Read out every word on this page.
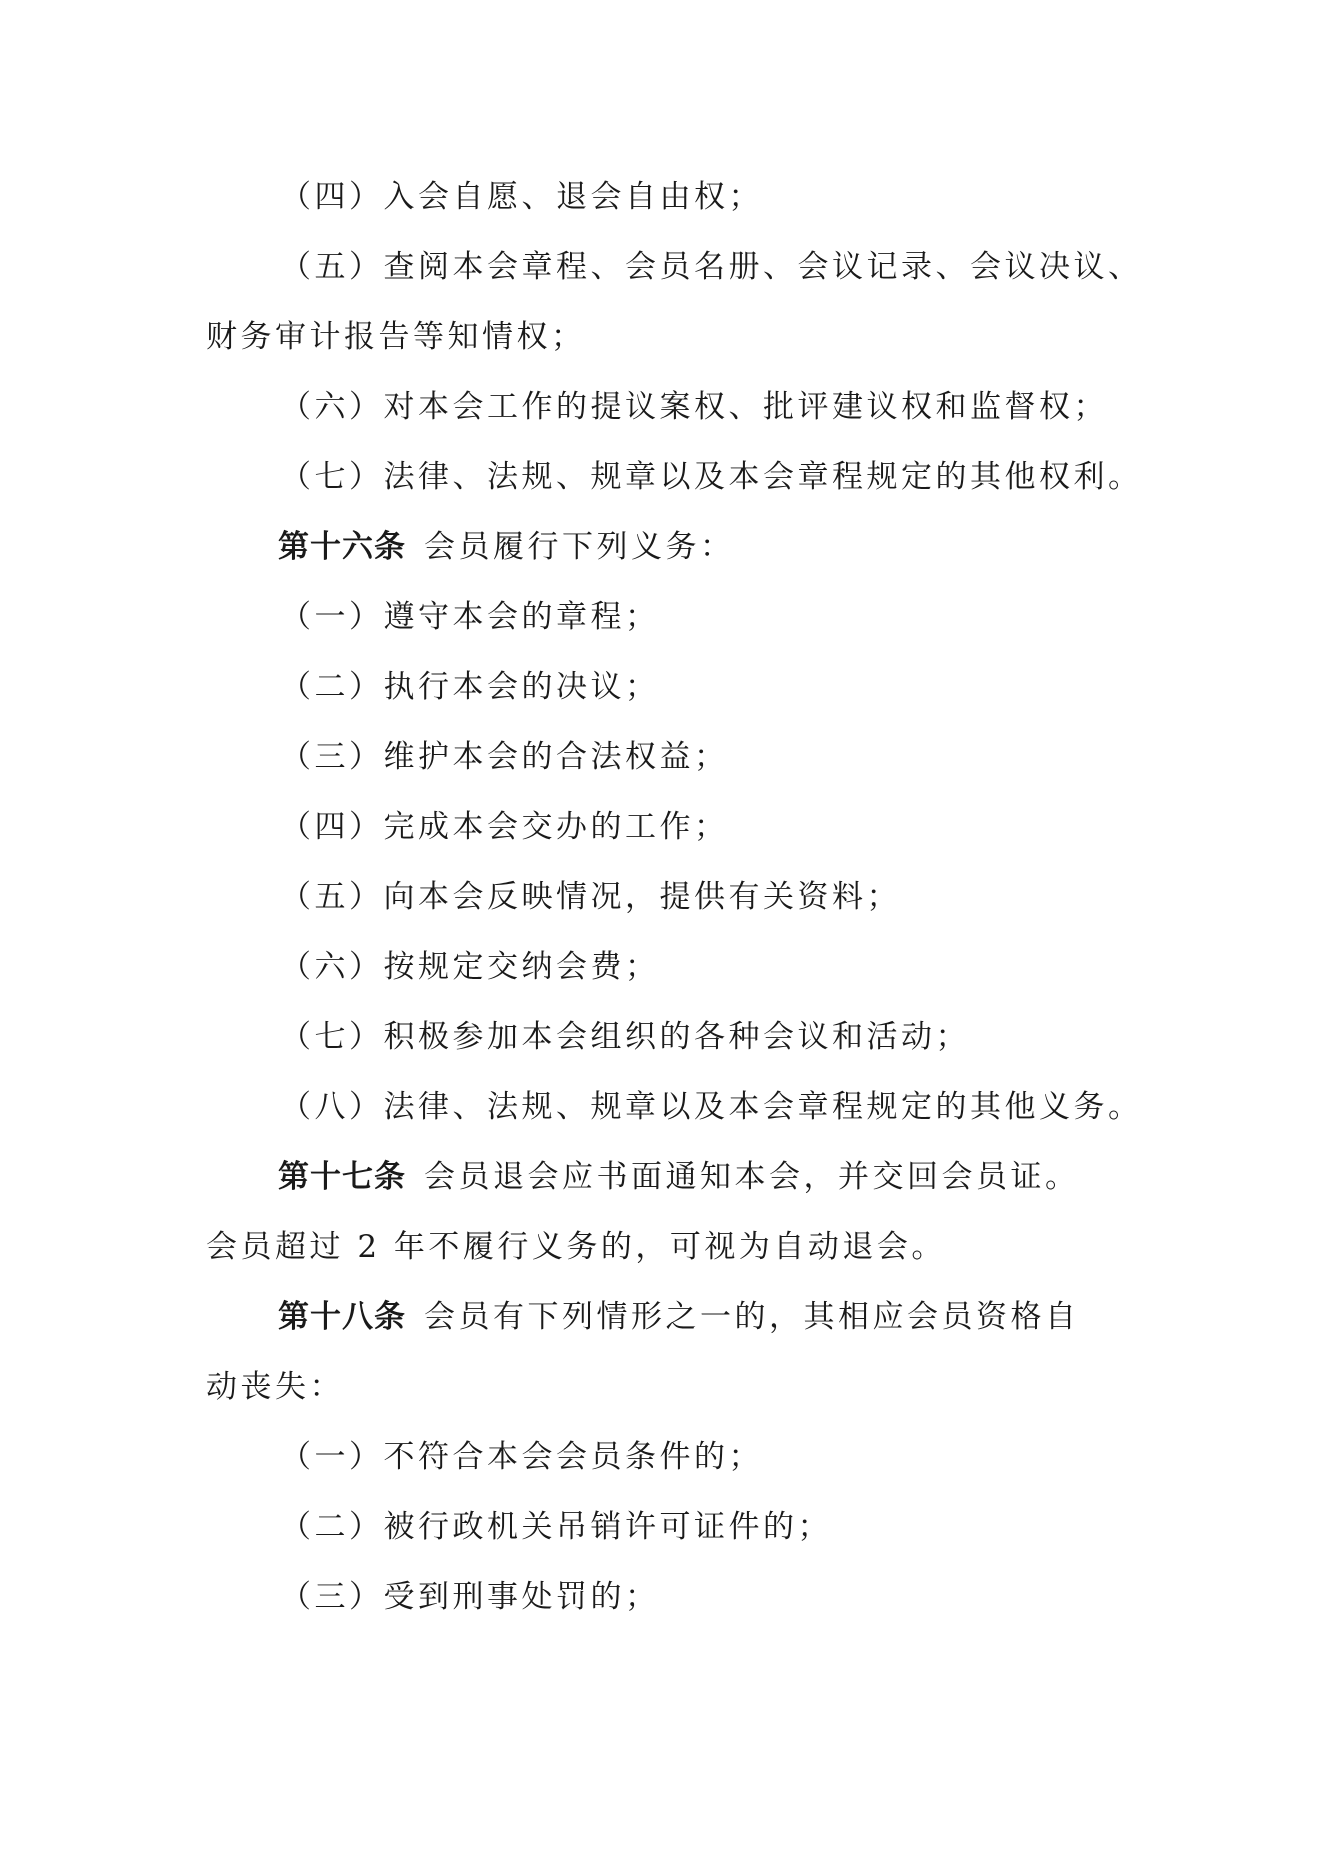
（四）入会自愿、退会自由权；
（五）查阅本会章程、会员名册、会议记录、会议决议、
财务审计报告等知情权；
（六）对本会工作的提议案权、批评建议权和监督权；
（七）法律、法规、规章以及本会章程规定的其他权利。
第十六条 会员履行下列义务：
（一）遵守本会的章程；
（二）执行本会的决议；
（三）维护本会的合法权益；
（四）完成本会交办的工作；
（五）向本会反映情况，提供有关资料；
（六）按规定交纳会费；
（七）积极参加本会组织的各种会议和活动；
（八）法律、法规、规章以及本会章程规定的其他义务。
第十七条 会员退会应书面通知本会，并交回会员证。
会员超过 2 年不履行义务的，可视为自动退会。
第十八条 会员有下列情形之一的，其相应会员资格自
动丧失：
（一）不符合本会会员条件的；
（二）被行政机关吊销许可证件的；
（三）受到刑事处罚的；
